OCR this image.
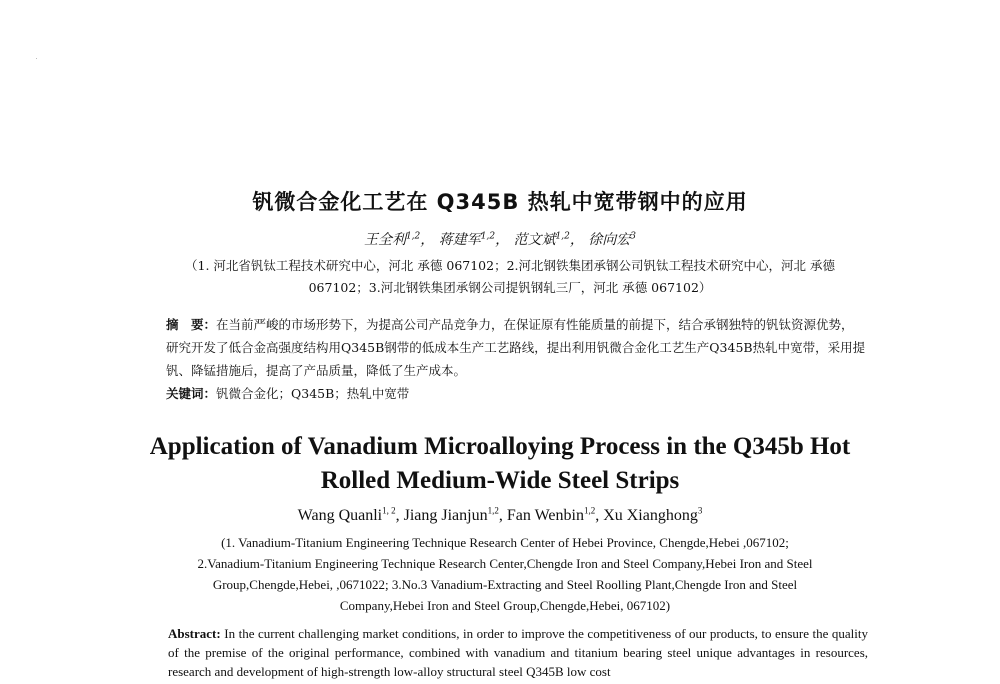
钒微合金化工艺在 Q345B 热轧中宽带钢中的应用
王全利$^{1,2}$， 蒋建军$^{1,2}$， 范文斌$^{1,2}$， 徐向宏$^3$
（1. 河北省钒钛工程技术研究中心，河北 承德 067102；2.河北钢铁集团承钢公司钒钛工程技术研究中心，河北 承德
067102；3.河北钢铁集团承钢公司提钒钢轧三厂，河北 承德 067102）
摘　要：在当前严峻的市场形势下，为提高公司产品竞争力，在保证原有性能质量的前提下，结合承钢独特的钒钛资源优势，研究开发了低合金高强度结构用Q345B钢带的低成本生产工艺路线，提出利用钒微合金化工艺生产Q345B热轧中宽带，采用提钒、降锰措施后，提高了产品质量，降低了生产成本。
关键词：钒微合金化；Q345B；热轧中宽带
Application of Vanadium Microalloying Process in the Q345b Hot
Rolled Medium-Wide Steel Strips
Wang Quanli$^{1, 2}$, Jiang Jianjun$^{1,2}$, Fan Wenbin$^{1,2}$, Xu Xianghong$^3$
(1. Vanadium-Titanium Engineering Technique Research Center of Hebei Province, Chengde,Hebei ,067102;
2.Vanadium-Titanium Engineering Technique Research Center,Chengde Iron and Steel Company,Hebei Iron and Steel
Group,Chengde,Hebei, ,0671022; 3.No.3 Vanadium-Extracting and Steel Roolling Plant,Chengde Iron and Steel
Company,Hebei Iron and Steel Group,Chengde,Hebei, 067102)
Abstract: In the current challenging market conditions, in order to improve the competitiveness of our products, to ensure the quality of the premise of the original performance, combined with vanadium and titanium bearing steel unique advantages in resources, research and development of high-strength low-alloy structural steel Q345B low cost
